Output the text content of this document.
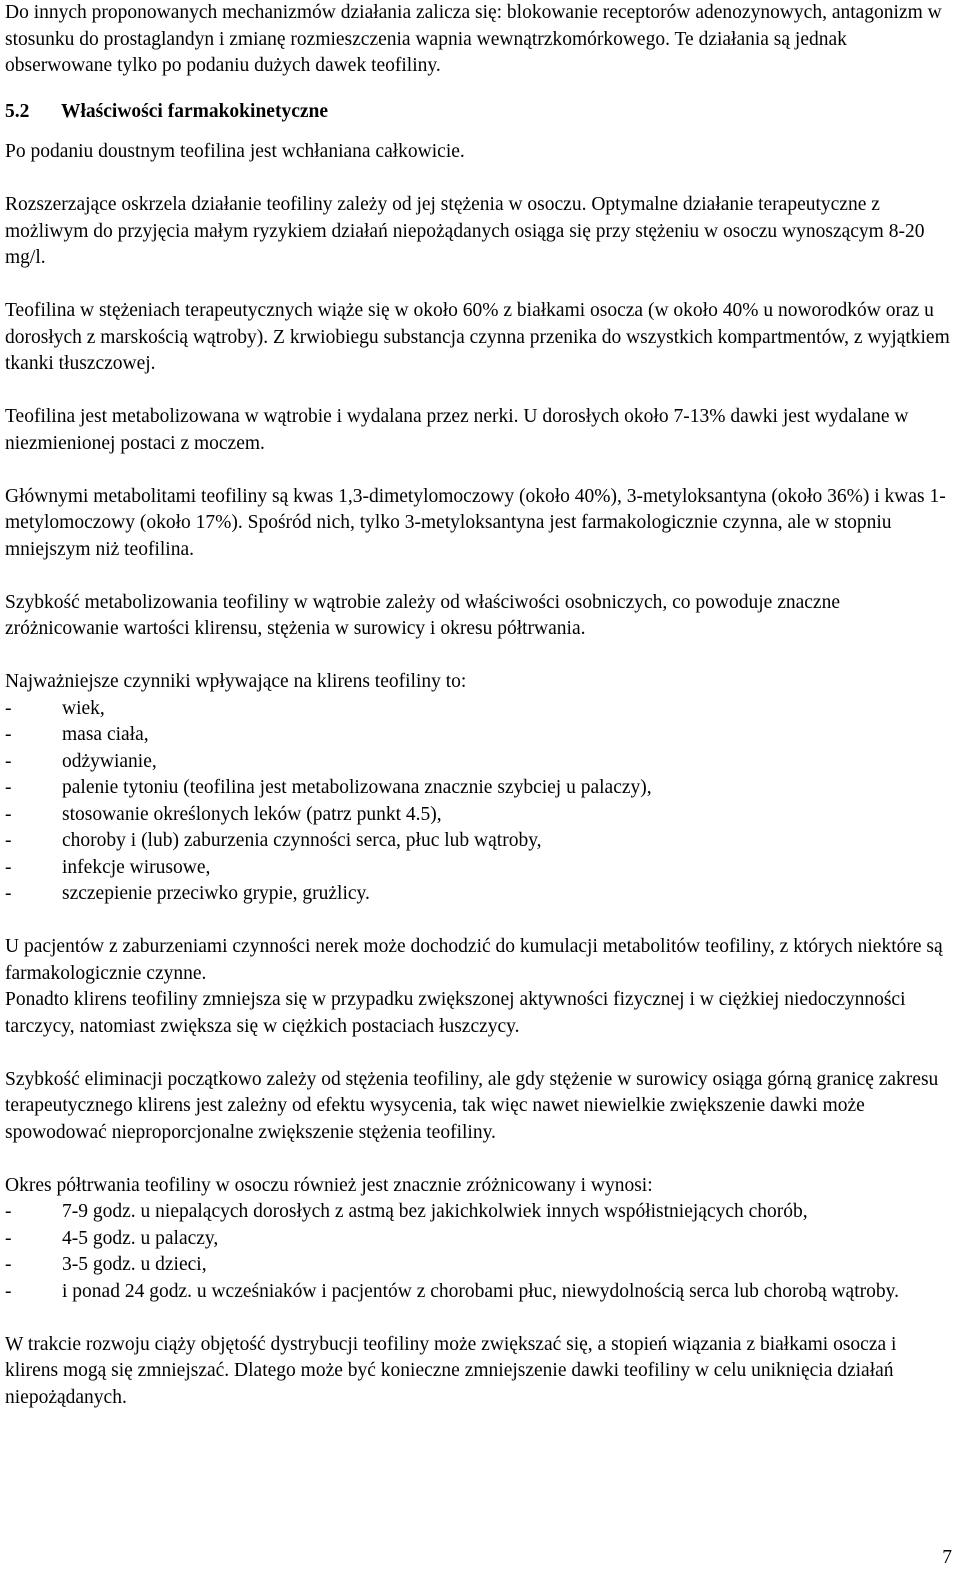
Do innych proponowanych mechanizmów działania zalicza się: blokowanie receptorów adenozynowych, antagonizm w stosunku do prostaglandyn i zmianę rozmieszczenia wapnia wewnątrzkomórkowego. Te działania są jednak obserwowane tylko po podaniu dużych dawek teofiliny.

5.2	Właściwości farmakokinetyczne

Po podaniu doustnym teofilina jest wchłaniana całkowicie.

Rozszerzające oskrzela działanie teofiliny zależy od jej stężenia w osoczu. Optymalne działanie terapeutyczne z możliwym do przyjęcia małym ryzykiem działań niepożądanych osiąga się przy stężeniu w osoczu wynoszącym 8-20 mg/l.

Teofilina w stężeniach terapeutycznych wiąże się w około 60% z białkami osocza (w około 40% u noworodków oraz u dorosłych z marskością wątroby). Z krwiobiegu substancja czynna przenika do wszystkich kompartmentów, z wyjątkiem tkanki tłuszczowej.

Teofilina jest metabolizowana w wątrobie i wydalana przez nerki. U dorosłych około 7-13% dawki jest wydalane w niezmienionej postaci z moczem.

Głównymi metabolitami teofiliny są kwas 1,3-dimetylomoczowy (około 40%), 3-metyloksantyna (około 36%) i kwas 1-metylomoczowy (około 17%). Spośród nich, tylko 3-metyloksantyna jest farmakologicznie czynna, ale w stopniu mniejszym niż teofilina.

Szybkość metabolizowania teofiliny w wątrobie zależy od właściwości osobniczych, co powoduje znaczne zróżnicowanie wartości klirensu, stężenia w surowicy i okresu półtrwania.

Najważniejsze czynniki wpływające na klirens teofiliny to:

-	wiek,
-	masa ciała,
-	odżywianie,
-	palenie tytoniu (teofilina jest metabolizowana znacznie szybciej u palaczy),
-	stosowanie określonych leków (patrz punkt 4.5),
-	choroby i (lub) zaburzenia czynności serca, płuc lub wątroby,
-	infekcje wirusowe,
-	szczepienie przeciwko grypie, grużlicy.

U pacjentów z zaburzeniami czynności nerek może dochodzić do kumulacji metabolitów teofiliny, z których niektóre są farmakologicznie czynne.

Ponadto klirens teofiliny zmniejsza się w przypadku zwiększonej aktywności fizycznej i w ciężkiej niedoczynności tarczycy, natomiast zwiększa się w ciężkich postaciach łuszczycy.

Szybkość eliminacji początkowo zależy od stężenia teofiliny, ale gdy stężenie w surowicy osiąga górną granicę zakresu terapeutycznego klirens jest zależny od efektu wysycenia, tak więc nawet niewielkie zwiększenie dawki może spowodować nieproporcjonalne zwiększenie stężenia teofiliny.

Okres półtrwania teofiliny w osoczu również jest znacznie zróżnicowany i wynosi:

-	7-9 godz. u niepalących dorosłych z astmą bez jakichkolwiek innych współistniejących chorób,
-	4-5 godz. u palaczy,
-	3-5 godz. u dzieci,
-	i ponad 24 godz. u wcześniaków i pacjentów z chorobami płuc, niewydolnością serca lub chorobą wątroby.

W trakcie rozwoju ciąży objętość dystrybucji teofiliny może zwiększać się, a stopień wiązania z białkami osocza i klirens mogą się zmniejszać. Dlatego może być konieczne zmniejszenie dawki teofiliny w celu uniknięcia działań niepożądanych.

7
